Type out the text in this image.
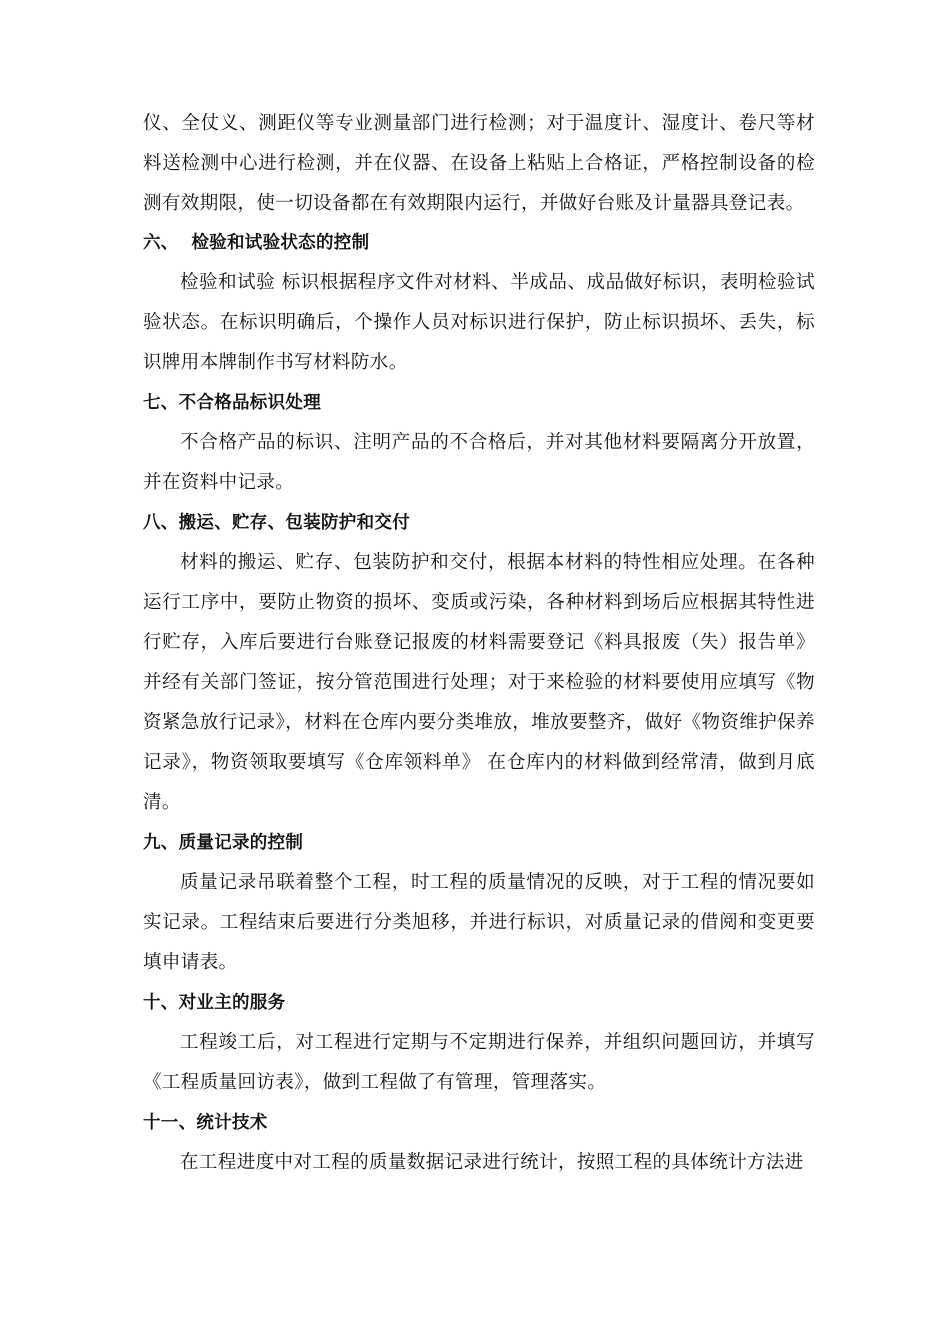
仪、全仗义、测距仪等专业测量部门进行检测；对于温度计、湿度计、卷尺等材料送检测中心进行检测，并在仪器、在设备上粘贴上合格证，严格控制设备的检测有效期限，使一切设备都在有效期限内运行，并做好台账及计量器具登记表。

六、  检验和试验状态的控制

检验和试验 标识根据程序文件对材料、半成品、成品做好标识，表明检验试验状态。在标识明确后，个操作人员对标识进行保护，防止标识损坏、丢失，标识牌用本牌制作书写材料防水。

七、不合格品标识处理

不合格产品的标识、注明产品的不合格后，并对其他材料要隔离分开放置，并在资料中记录。

八、搬运、贮存、包装防护和交付

材料的搬运、贮存、包装防护和交付，根据本材料的特性相应处理。在各种运行工序中，要防止物资的损坏、变质或污染，各种材料到场后应根据其特性进行贮存，入库后要进行台账登记报废的材料需要登记《料具报废（失）报告单》并经有关部门签证，按分管范围进行处理；对于来检验的材料要使用应填写《物资紧急放行记录》，材料在仓库内要分类堆放，堆放要整齐，做好《物资维护保养记录》，物资领取要填写《仓库领料单》 在仓库内的材料做到经常清，做到月底清。

九、质量记录的控制

质量记录吊联着整个工程，时工程的质量情况的反映，对于工程的情况要如实记录。工程结束后要进行分类旭移，并进行标识，对质量记录的借阅和变更要填申请表。

十、对业主的服务

工程竣工后，对工程进行定期与不定期进行保养，并组织问题回访，并填写《工程质量回访表》，做到工程做了有管理，管理落实。

十一、统计技术

在工程进度中对工程的质量数据记录进行统计，按照工程的具体统计方法进
